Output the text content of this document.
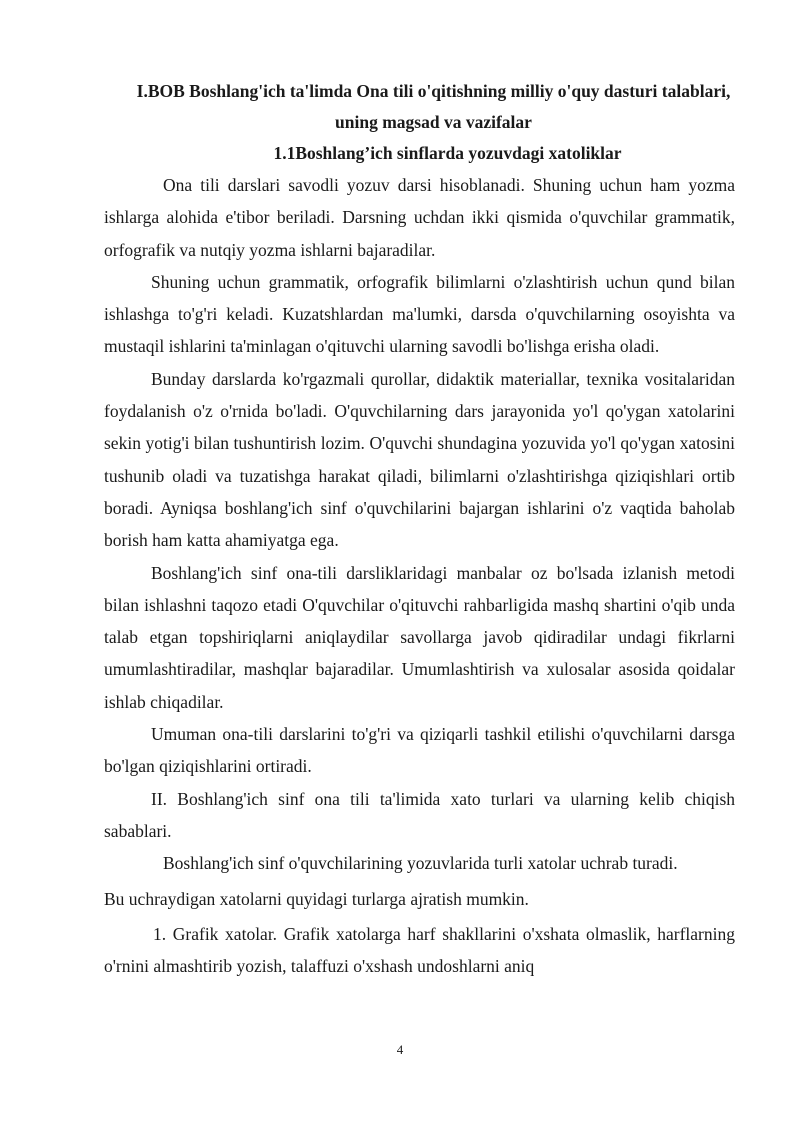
I.BOB Boshlang'ich ta'limda Ona tili o'qitishning milliy o'quy dasturi talablari, uning magsad va vazifalar
1.1Boshlang’ich sinflarda yozuvdagi xatoliklar

Ona tili darslari savodli yozuv darsi hisoblanadi. Shuning uchun ham yozma ishlarga alohida e'tibor beriladi. Darsning uchdan ikki qismida o'quvchilar grammatik, orfografik va nutqiy yozma ishlarni bajaradilar.

Shuning uchun grammatik, orfografik bilimlarni o'zlashtirish uchun qund bilan ishlashga to'g'ri keladi. Kuzatshlardan ma'lumki, darsda o'quvchilarning osoyishta va mustaqil ishlarini ta'minlagan o'qituvchi ularning savodli bo'lishga erisha oladi.

Bunday darslarda ko'rgazmali qurollar, didaktik materiallar, texnika vositalaridan foydalanish o'z o'rnida bo'ladi. O'quvchilarning dars jarayonida yo'l qo'ygan xatolarini sekin yotig'i bilan tushuntirish lozim. O'quvchi shundagina yozuvida yo'l qo'ygan xatosini tushunib oladi va tuzatishga harakat qiladi, bilimlarni o'zlashtirishga qiziqishlari ortib boradi. Ayniqsa boshlang'ich sinf o'quvchilarini bajargan ishlarini o'z vaqtida baholab borish ham katta ahamiyatga ega.

Boshlang'ich sinf ona-tili darsliklaridagi manbalar oz bo'lsada izlanish metodi bilan ishlashni taqozo etadi O'quvchilar o'qituvchi rahbarligida mashq shartini o'qib unda talab etgan topshiriqlarni aniqlaydilar savollarga javob qidiradilar undagi fikrlarni umumlashtiradilar, mashqlar bajaradilar. Umumlashtirish va xulosalar asosida qoidalar ishlab chiqadilar.

Umuman ona-tili darslarini to'g'ri va qiziqarli tashkil etilishi o'quvchilarni darsga bo'lgan qiziqishlarini ortiradi.

II. Boshlang'ich sinf ona tili ta'limida xato turlari va ularning kelib chiqish sabablari.

Boshlang'ich sinf o'quvchilarining yozuvlarida turli xatolar uchrab turadi.

Bu uchraydigan xatolarni quyidagi turlarga ajratish mumkin.

1. Grafik xatolar. Grafik xatolarga harf shakllarini o'xshata olmaslik, harflarning o'rnini almashtirib yozish, talaffuzi o'xshash undoshlarni aniq

4
